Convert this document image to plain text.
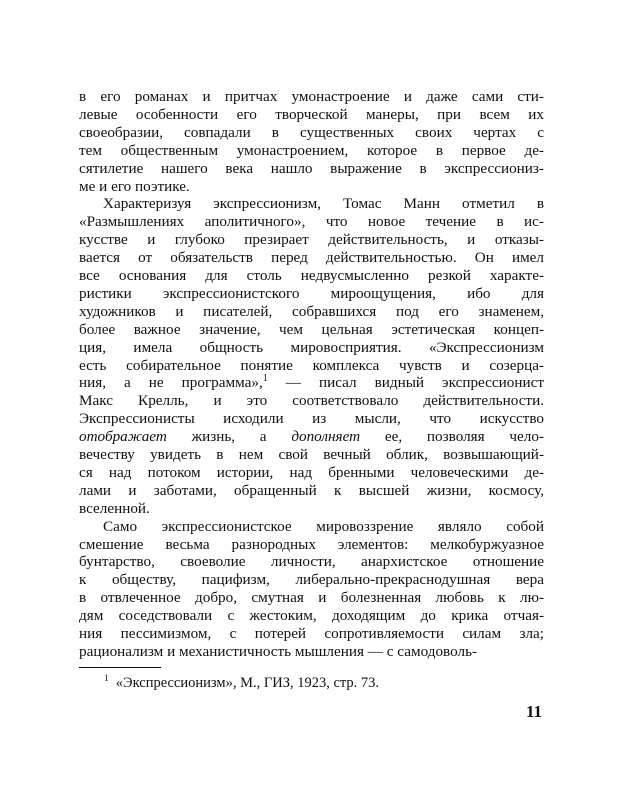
в его романах и притчах умонастроение и даже сами сти-
левые особенности его творческой манеры, при всем их
своеобразии, совпадали в существенных своих чертах с
тем общественным умонастроением, которое в первое де-
сятилетие нашего века нашло выражение в экспрессиониз-
ме и его поэтике.
Характеризуя экспрессионизм, Томас Манн отметил в
«Размышлениях аполитичного», что новое течение в ис-
кусстве и глубоко презирает действительность, и отказы-
вается от обязательств перед действительностью. Он имел
все основания для столь недвусмысленно резкой характе-
ристики экспрессионистского мироощущения, ибо для
художников и писателей, собравшихся под его знаменем,
более важное значение, чем цельная эстетическая концеп-
ция, имела общность мировосприятия. «Экспрессионизм
есть собирательное понятие комплекса чувств и созерца-
ния, а не программа»,$^1$ — писал видный экспрессионист
Макс Крелль, и это соответствовало действительности.
Экспрессионисты исходили из мысли, что искусство
отображает жизнь, а дополняет ее, позволяя чело-
вечеству увидеть в нем свой вечный облик, возвышающий-
ся над потоком истории, над бренными человеческими де-
лами и заботами, обращенный к высшей жизни, космосу,
вселенной.
Само экспрессионистское мировоззрение являло собой
смешение весьма разнородных элементов: мелкобуржуазное
бунтарство, своеволие личности, анархистское отношение
к обществу, пацифизм, либерально-прекраснодушная вера
в отвлеченное добро, смутная и болезненная любовь к лю-
дям соседствовали с жестоким, доходящим до крика отчая-
ния пессимизмом, с потерей сопротивляемости силам зла;
рационализм и механистичность мышления — с самодоволь-
$^1$ «Экспрессионизм», М., ГИЗ, 1923, стр. 73.
11
